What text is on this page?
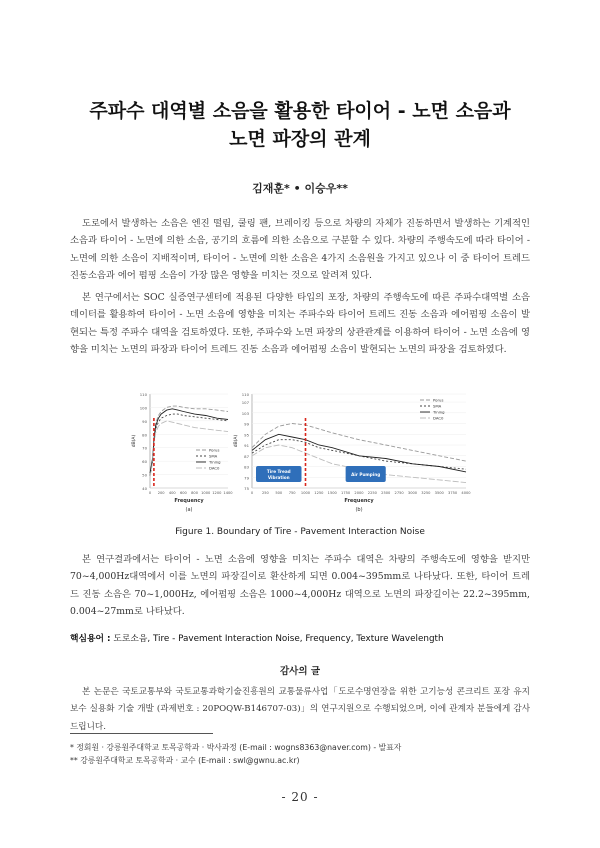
주파수 대역별 소음을 활용한 타이어 - 노면 소음과
노면 파장의 관계
김재훈* • 이승우**

도로에서 발생하는 소음은 엔진 떨림, 쿨링 팬, 브레이킹 등으로 차량의 자체가 진동하면서 발생하는 기계적인 소음과 타이어 - 노면에 의한 소음, 공기의 흐름에 의한 소음으로 구분할 수 있다. 차량의 주행속도에 따라 타이어 - 노면에 의한 소음이 지배적이며, 타이어 - 노면에 의한 소음은 4가지 소음원을 가지고 있으나 이 중 타이어 트레드 진동소음과 에어 펌핑 소음이 가장 많은 영향을 미치는 것으로 알려져 있다.

본 연구에서는 SOC 실증연구센터에 적용된 다양한 타입의 포장, 차량의 주행속도에 따른 주파수대역별 소음 데이터를 활용하여 타이어 - 노면 소음에 영향을 미치는 주파수와 타이어 트레드 진동 소음과 에어펌핑 소음이 발현되는 특정 주파수 대역을 검토하였다. 또한, 주파수와 노면 파장의 상관관계를 이용하여 타이어 - 노면 소음에 영향을 미치는 노면의 파장과 타이어 트레드 진동 소음과 에어펌핑 소음이 발현되는 노면의 파장을 검토하였다.

40
50
60
70
80
90
100
110
0 200 400 600 800 1000 1200 1400
Frequency
dB(A)
Porus
SMA
Tining
DAC0
(a)
75
79
83
87
91
95
99
103
107
110
0 250 500 750 1000 1250 1500 1750 2000 2250 2500 2750 3000 3250 3500 3750 4000
Frequency
dB(A)
Porus
SMA
Tining
DAC0
(b)
Tire Tread
Vibration
Air Pumping
Figure 1. Boundary of Tire - Pavement Interaction Noise

본 연구결과에서는 타이어 - 노면 소음에 영향을 미치는 주파수 대역은 차량의 주행속도에 영향을 받지만 70~4,000Hz대역에서 이를 노면의 파장길이로 환산하게 되면 0.004~395mm로 나타났다. 또한, 타이어 트레드 진동 소음은 70~1,000Hz, 에어펌핑 소음은 1000~4,000Hz 대역으로 노면의 파장길이는 22.2~395mm, 0.004~27mm로 나타났다.

핵심용어 : 도로소음, Tire - Pavement Interaction Noise, Frequency, Texture Wavelength
감사의 글

본 논문은 국토교통부와 국토교통과학기술진흥원의 교통물류사업「도로수명연장을 위한 고기능성 콘크리트 포장 유지보수 실용화 기술 개발 (과제번호 : 20POQW-B146707-03)」의 연구지원으로 수행되었으며, 이에 관계자 분들에게 감사드립니다.

* 정회원 · 강릉원주대학교 토목공학과 · 박사과정 (E-mail : wogns8363@naver.com) - 발표자
** 강릉원주대학교 토목공학과 · 교수 (E-mail : swl@gwnu.ac.kr)
- 20 -
